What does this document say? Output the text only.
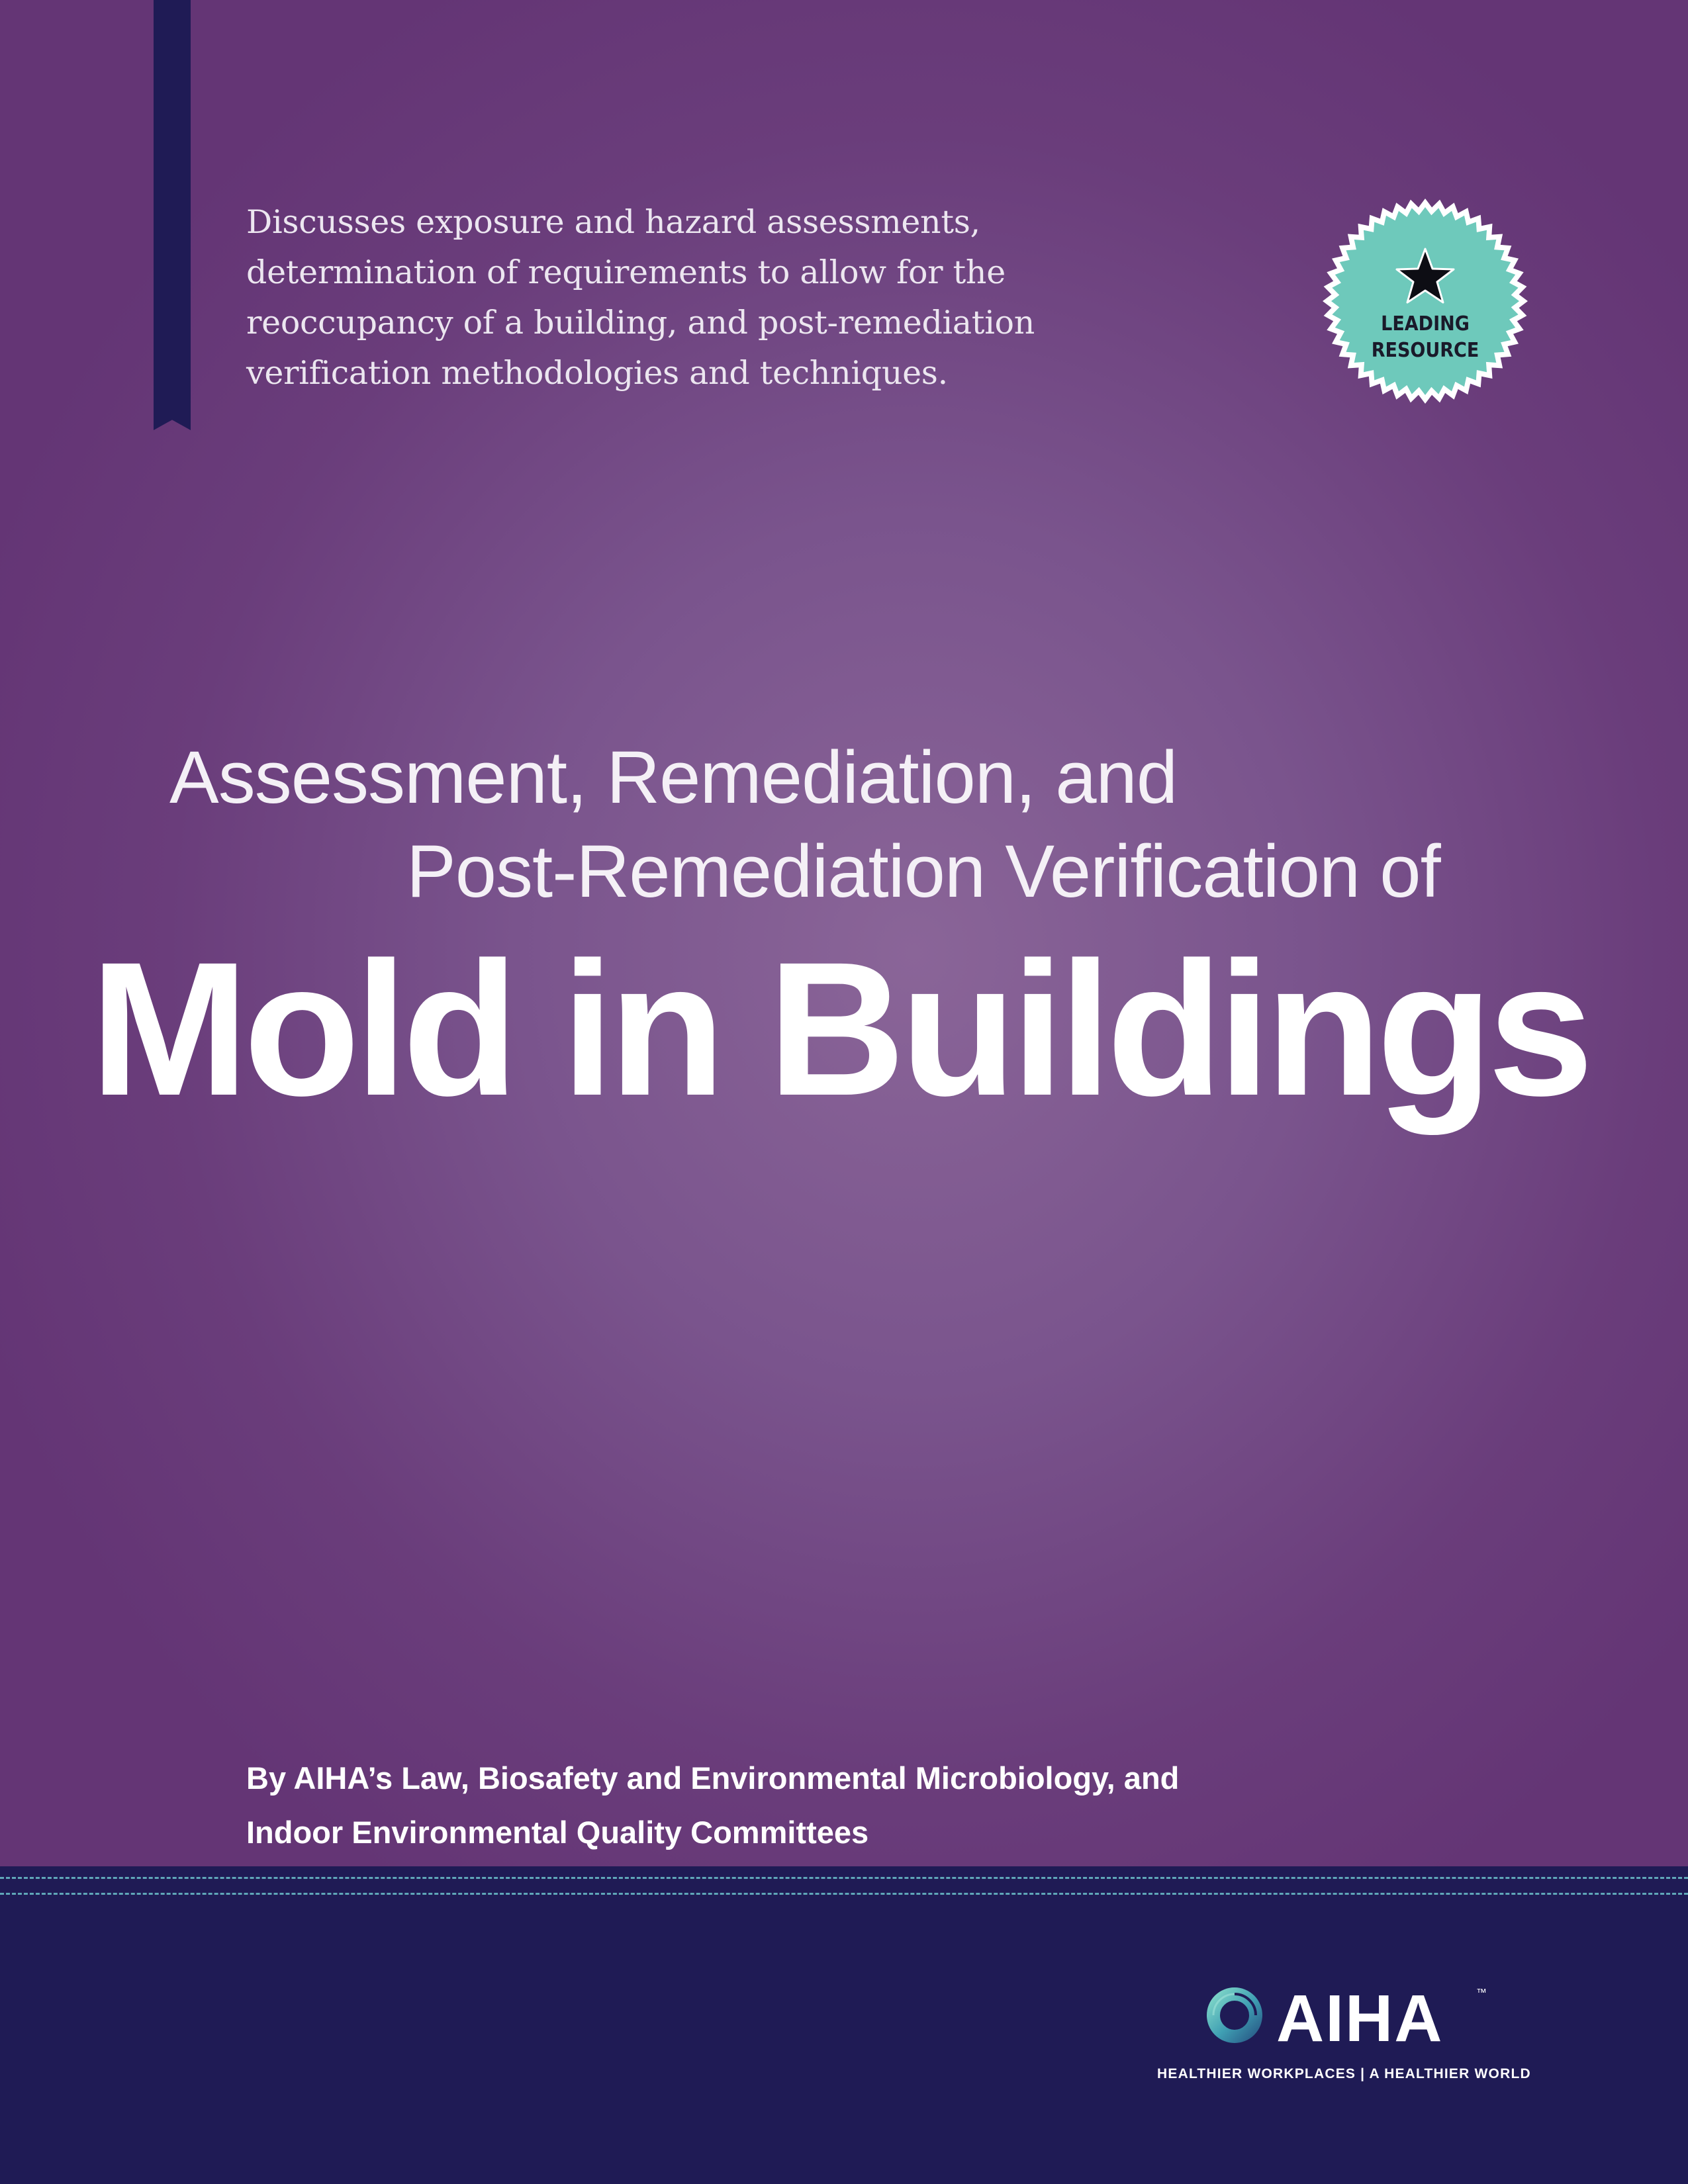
Discusses exposure and hazard assessments, determination of requirements to allow for the reoccupancy of a building, and post-remediation verification methodologies and techniques.
LEADING
RESOURCE
Assessment, Remediation, and
Post-Remediation Verification of
Mold in Buildings
By AIHA’s Law, Biosafety and Environmental Microbiology, and
Indoor Environmental Quality Committees
AIHA	™
HEALTHIER WORKPLACES | A HEALTHIER WORLD
